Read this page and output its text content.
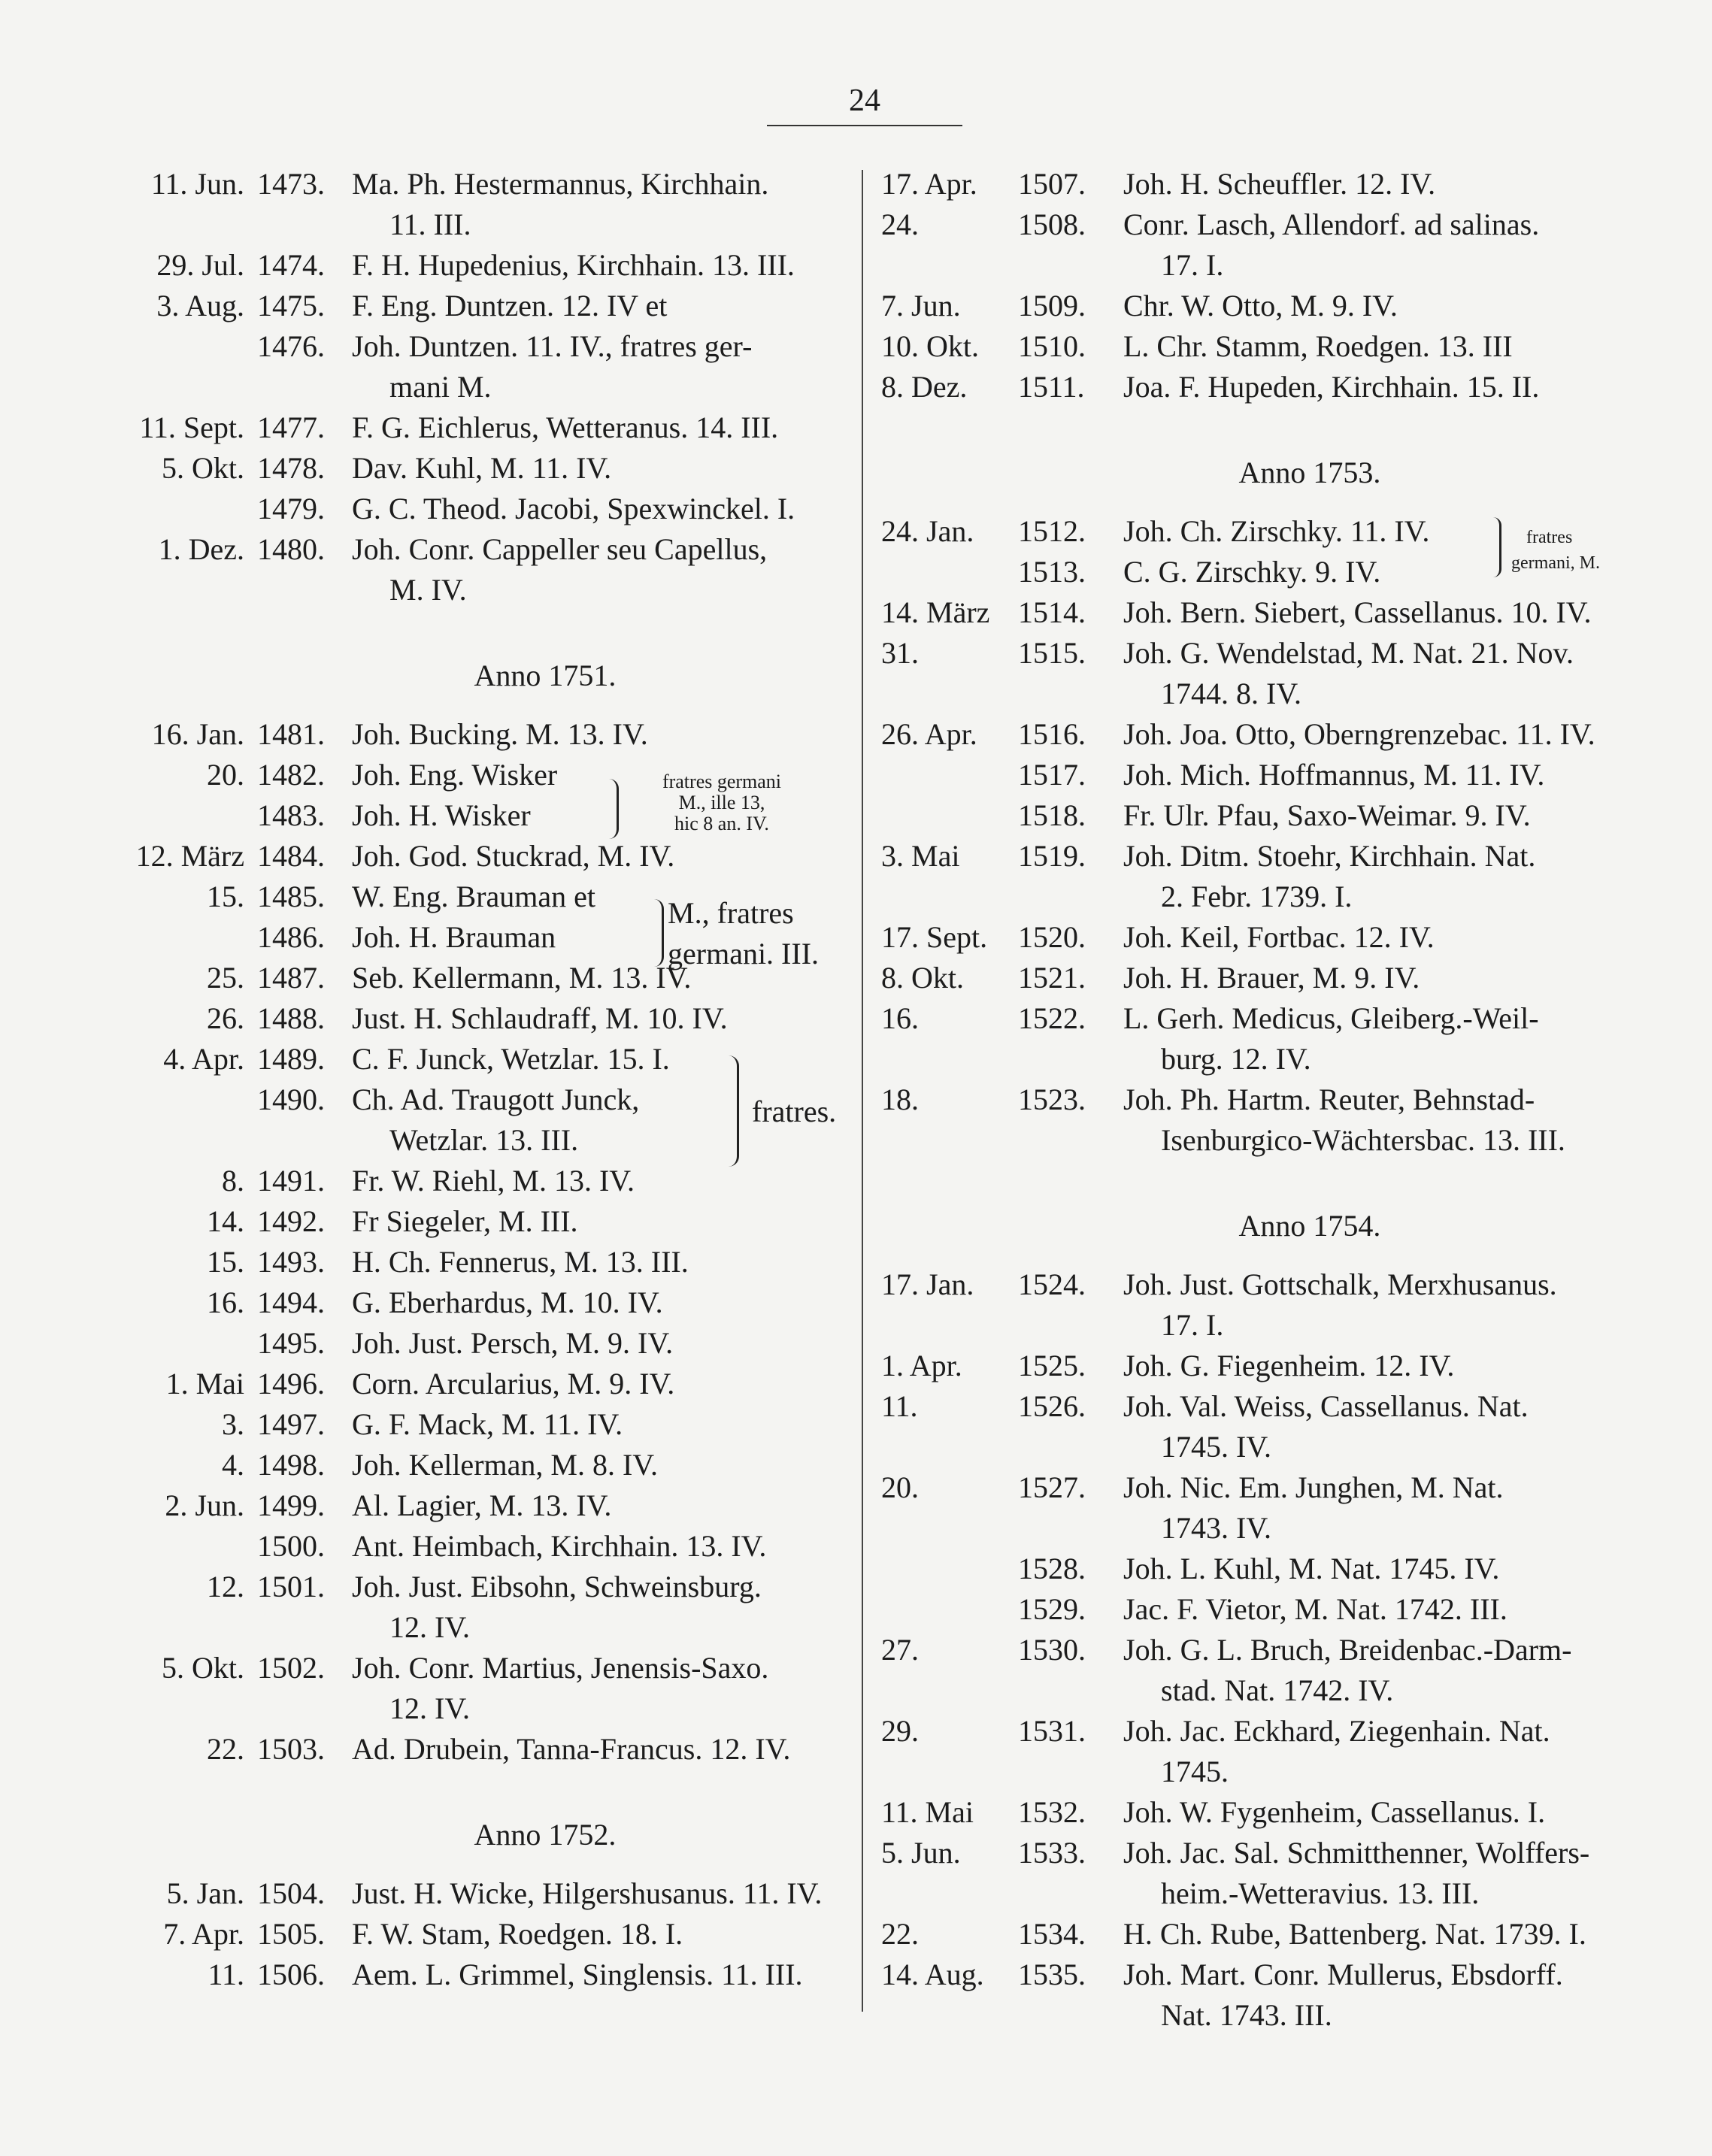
24
11. Jun. 1473. Ma. Ph. Hestermannus, Kirchhain.
11. III.
29. Jul. 1474. F. H. Hupedenius, Kirchhain. 13. III.
3. Aug. 1475. F. Eng. Duntzen. 12. IV et
1476. Joh. Duntzen. 11. IV., fratres ger-
mani M.
11. Sept. 1477. F. G. Eichlerus, Wetteranus. 14. III.
5. Okt. 1478. Dav. Kuhl, M. 11. IV.
1479. G. C. Theod. Jacobi, Spexwinckel. I.
1. Dez. 1480. Joh. Conr. Cappeller seu Capellus,
M. IV.
Anno 1751.
16. Jan. 1481. Joh. Bucking. M. 13. IV.
20. 1482. Joh. Eng. Wisker
1483. Joh. H. Wisker
12. März 1484. Joh. God. Stuckrad, M. IV.
15. 1485. W. Eng. Brauman et
1486. Joh. H. Brauman
25. 1487. Seb. Kellermann, M. 13. IV.
26. 1488. Just. H. Schlaudraff, M. 10. IV.
4. Apr. 1489. C. F. Junck, Wetzlar. 15. I.
1490. Ch. Ad. Traugott Junck,
Wetzlar. 13. III.
8. 1491. Fr. W. Riehl, M. 13. IV.
14. 1492. Fr Siegeler, M. III.
15. 1493. H. Ch. Fennerus, M. 13. III.
16. 1494. G. Eberhardus, M. 10. IV.
1495. Joh. Just. Persch, M. 9. IV.
1. Mai 1496. Corn. Arcularius, M. 9. IV.
3. 1497. G. F. Mack, M. 11. IV.
4. 1498. Joh. Kellerman, M. 8. IV.
2. Jun. 1499. Al. Lagier, M. 13. IV.
1500. Ant. Heimbach, Kirchhain. 13. IV.
12. 1501. Joh. Just. Eibsohn, Schweinsburg.
12. IV.
5. Okt. 1502. Joh. Conr. Martius, Jenensis-Saxo.
12. IV.
22. 1503. Ad. Drubein, Tanna-Francus. 12. IV.
Anno 1752.
5. Jan. 1504. Just. H. Wicke, Hilgershusanus. 11. IV.
7. Apr. 1505. F. W. Stam, Roedgen. 18. I.
11. 1506. Aem. L. Grimmel, Singlensis. 11. III.
17. Apr.	1507.	Joh. H. Scheuffler. 12. IV.
24.	1508.	Conr. Lasch, Allendorf. ad salinas.
17. I.
7. Jun.	1509.	Chr. W. Otto, M. 9. IV.
10. Okt.	1510.	L. Chr. Stamm, Roedgen. 13. III
8. Dez.	1511.	Joa. F. Hupeden, Kirchhain. 15. II.
Anno 1753.
24. Jan.	1512.	Joh. Ch. Zirschky. 11. IV.
1513.	C. G. Zirschky. 9. IV.
14. März 1514.	Joh. Bern. Siebert, Cassellanus. 10. IV.
31.	1515.	Joh. G. Wendelstad, M. Nat. 21. Nov.
1744. 8. IV.
26. Apr.	1516.	Joh. Joa. Otto, Oberngrenzebac. 11. IV.
1517.	Joh. Mich. Hoffmannus, M. 11. IV.
1518.	Fr. Ulr. Pfau, Saxo-Weimar. 9. IV.
3. Mai	1519.	Joh. Ditm. Stoehr, Kirchhain. Nat.
2. Febr. 1739. I.
17. Sept.	1520.	Joh. Keil, Fortbac. 12. IV.
8. Okt.	1521.	Joh. H. Brauer, M. 9. IV.
16.	1522.	L. Gerh. Medicus, Gleiberg.-Weil-
burg. 12. IV.
18.	1523.	Joh. Ph. Hartm. Reuter, Behnstad-
Isenburgico-Wächtersbac. 13. III.
Anno 1754.
17. Jan.	1524.	Joh. Just. Gottschalk, Merxhusanus.
17. I.
1. Apr.	1525.	Joh. G. Fiegenheim. 12. IV.
11.	1526.	Joh. Val. Weiss, Cassellanus. Nat.
1745. IV.
20.	1527.	Joh. Nic. Em. Junghen, M. Nat.
1743. IV.
1528.	Joh. L. Kuhl, M. Nat. 1745. IV.
1529.	Jac. F. Vietor, M. Nat. 1742. III.
27.	1530.	Joh. G. L. Bruch, Breidenbac.-Darm-
stad. Nat. 1742. IV.
29.	1531.	Joh. Jac. Eckhard, Ziegenhain. Nat.
1745.
11. Mai	1532.	Joh. W. Fygenheim, Cassellanus. I.
5. Jun.	1533.	Joh. Jac. Sal. Schmitthenner, Wolffers-
heim.-Wetteravius. 13. III.
22.	1534.	H. Ch. Rube, Battenberg. Nat. 1739. I.
14. Aug.	1535.	Joh. Mart. Conr. Mullerus, Ebsdorff.
Nat. 1743. III.
fratres germani
M., ille 13,
hic 8 an. IV.
M., fratres
germani. III.
fratres.
fratres
germani, M.
